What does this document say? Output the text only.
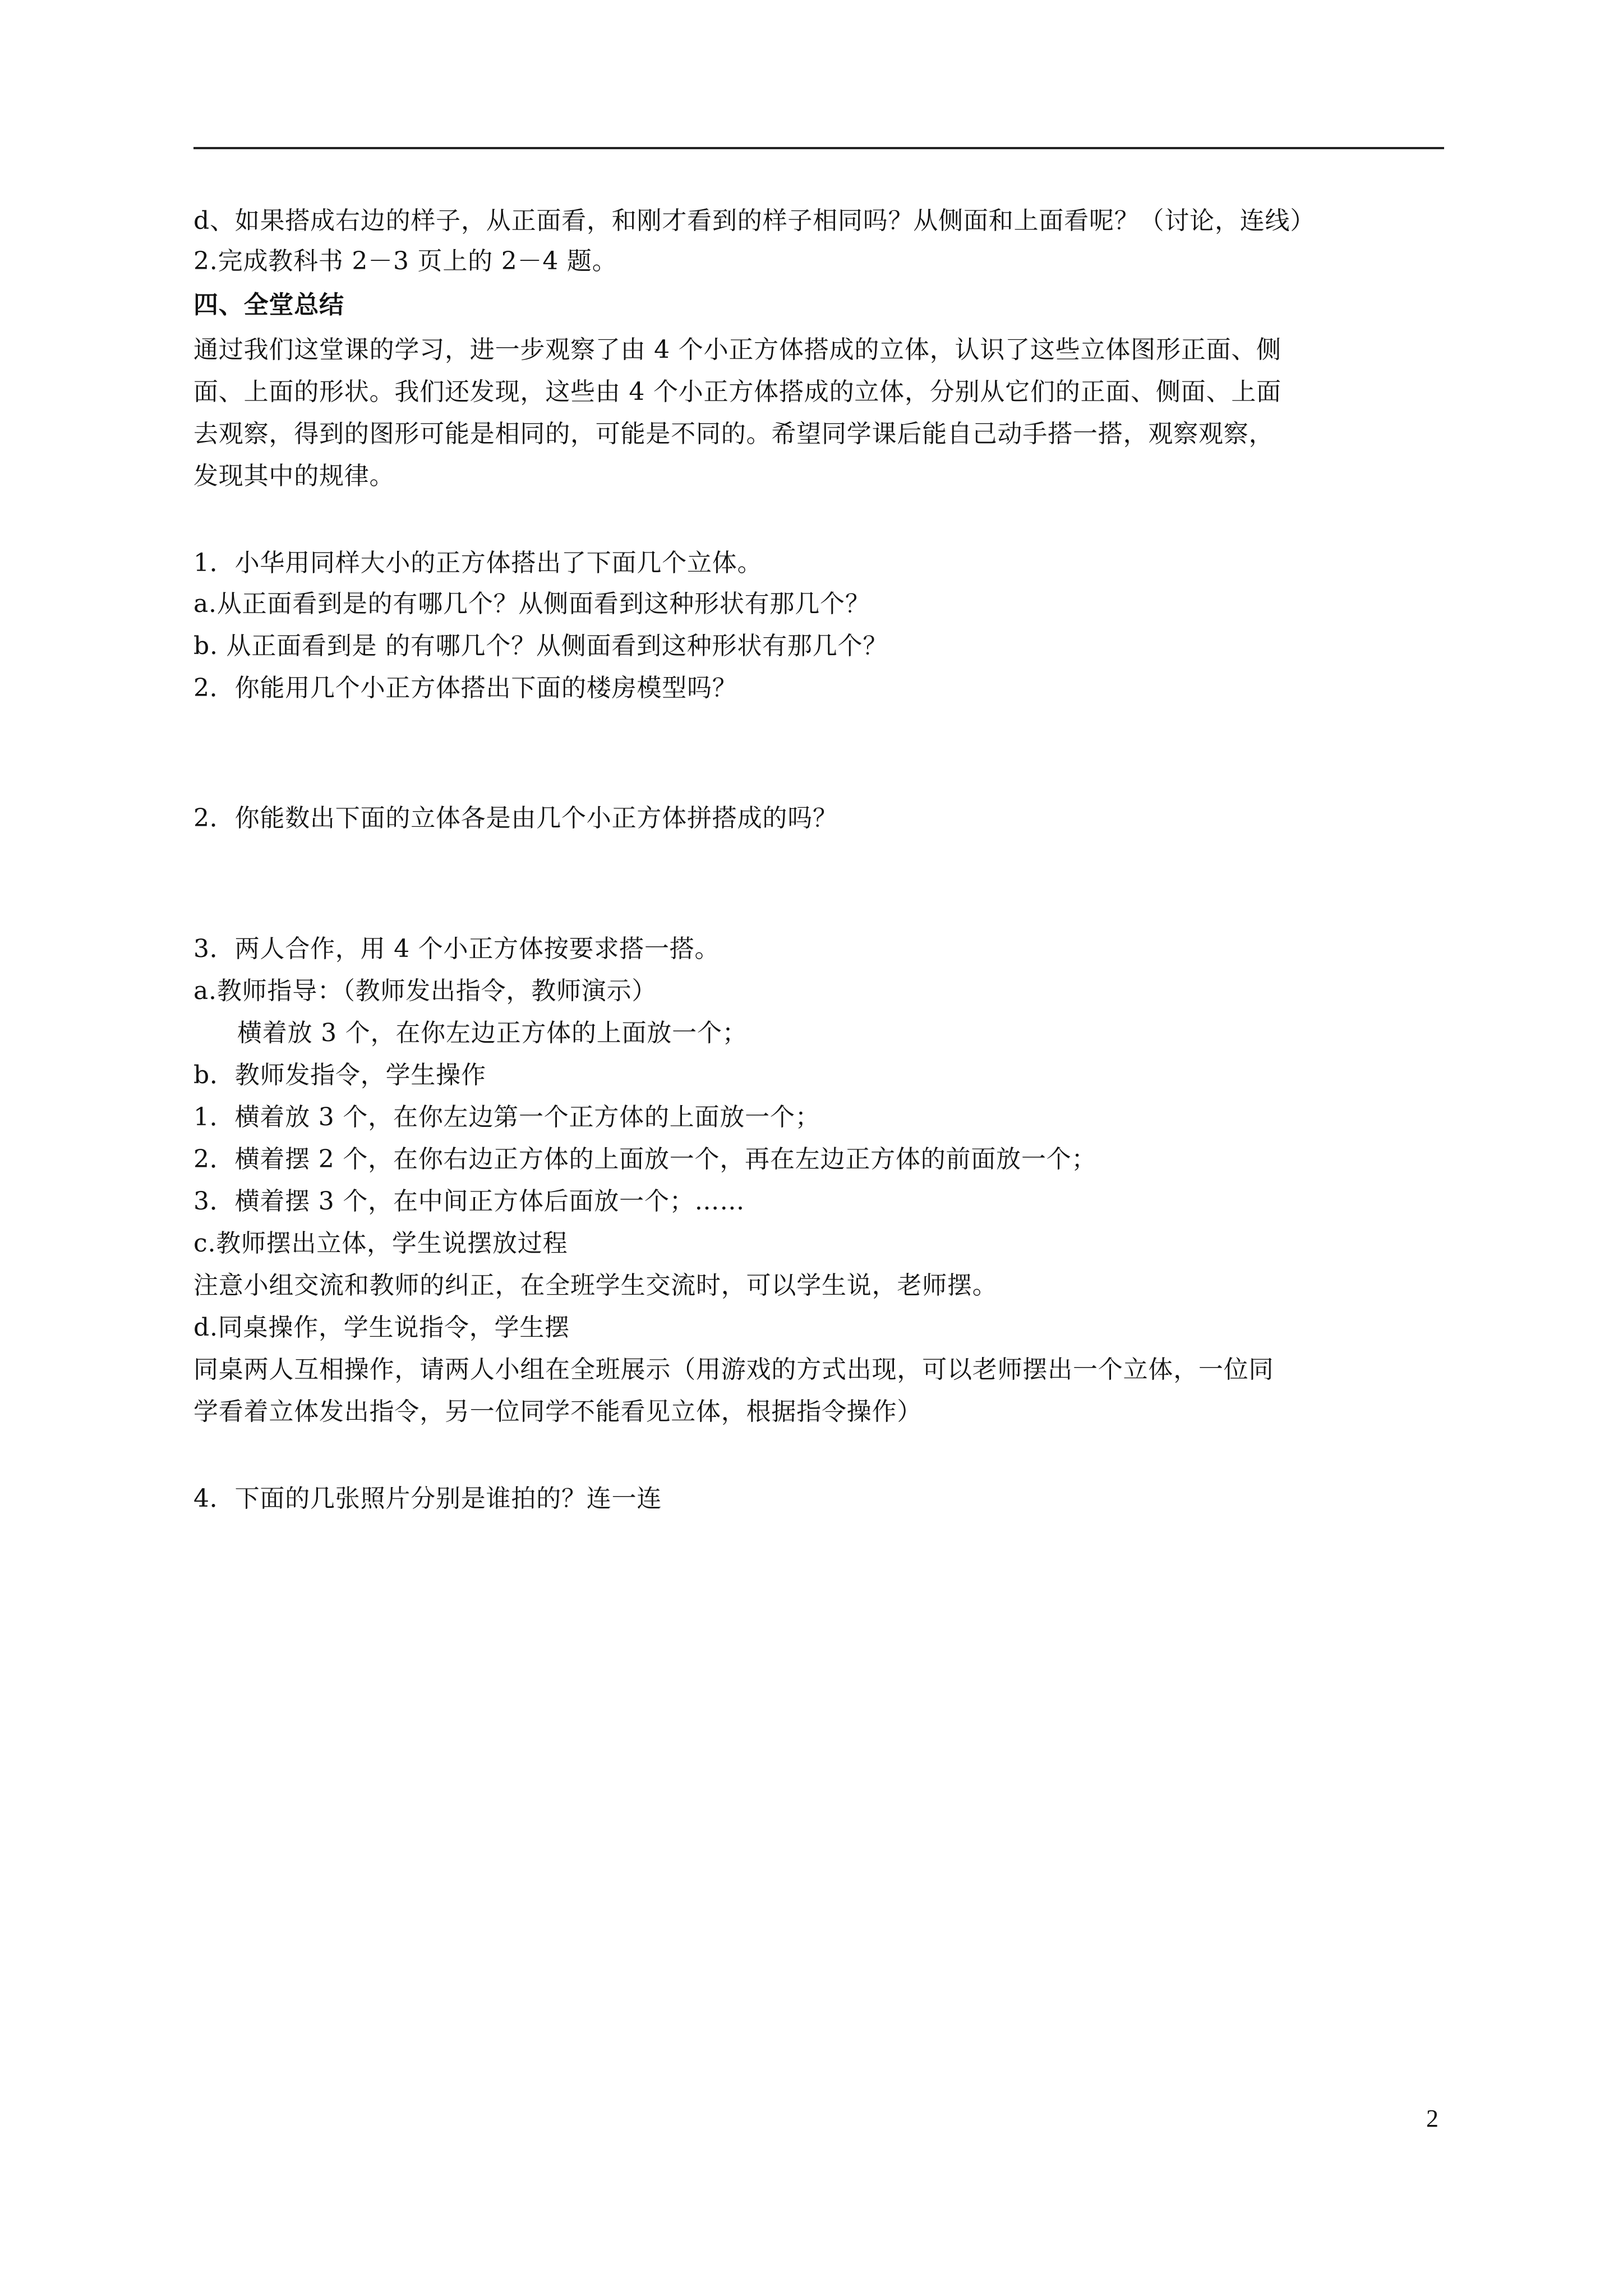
d、如果搭成右边的样子，从正面看，和刚才看到的样子相同吗？从侧面和上面看呢？（讨论，连线）
2.完成教科书 2－3 页上的 2－4 题。
四、全堂总结
通过我们这堂课的学习，进一步观察了由 4 个小正方体搭成的立体，认识了这些立体图形正面、侧
面、上面的形状。我们还发现，这些由 4 个小正方体搭成的立体，分别从它们的正面、侧面、上面
去观察，得到的图形可能是相同的，可能是不同的。希望同学课后能自己动手搭一搭，观察观察，
发现其中的规律。
1．小华用同样大小的正方体搭出了下面几个立体。
a.从正面看到是的有哪几个？从侧面看到这种形状有那几个？
b. 从正面看到是 的有哪几个？从侧面看到这种形状有那几个？
2．你能用几个小正方体搭出下面的楼房模型吗？
2．你能数出下面的立体各是由几个小正方体拼搭成的吗？
3．两人合作，用 4 个小正方体按要求搭一搭。
a.教师指导：（教师发出指令，教师演示）
横着放 3 个，在你左边正方体的上面放一个；
b．教师发指令，学生操作
1．横着放 3 个，在你左边第一个正方体的上面放一个；
2．横着摆 2 个，在你右边正方体的上面放一个，再在左边正方体的前面放一个；
3．横着摆 3 个，在中间正方体后面放一个；……
c.教师摆出立体，学生说摆放过程
注意小组交流和教师的纠正，在全班学生交流时，可以学生说，老师摆。
d.同桌操作，学生说指令，学生摆
同桌两人互相操作，请两人小组在全班展示（用游戏的方式出现，可以老师摆出一个立体，一位同
学看着立体发出指令，另一位同学不能看见立体，根据指令操作）
4．下面的几张照片分别是谁拍的？连一连
2
